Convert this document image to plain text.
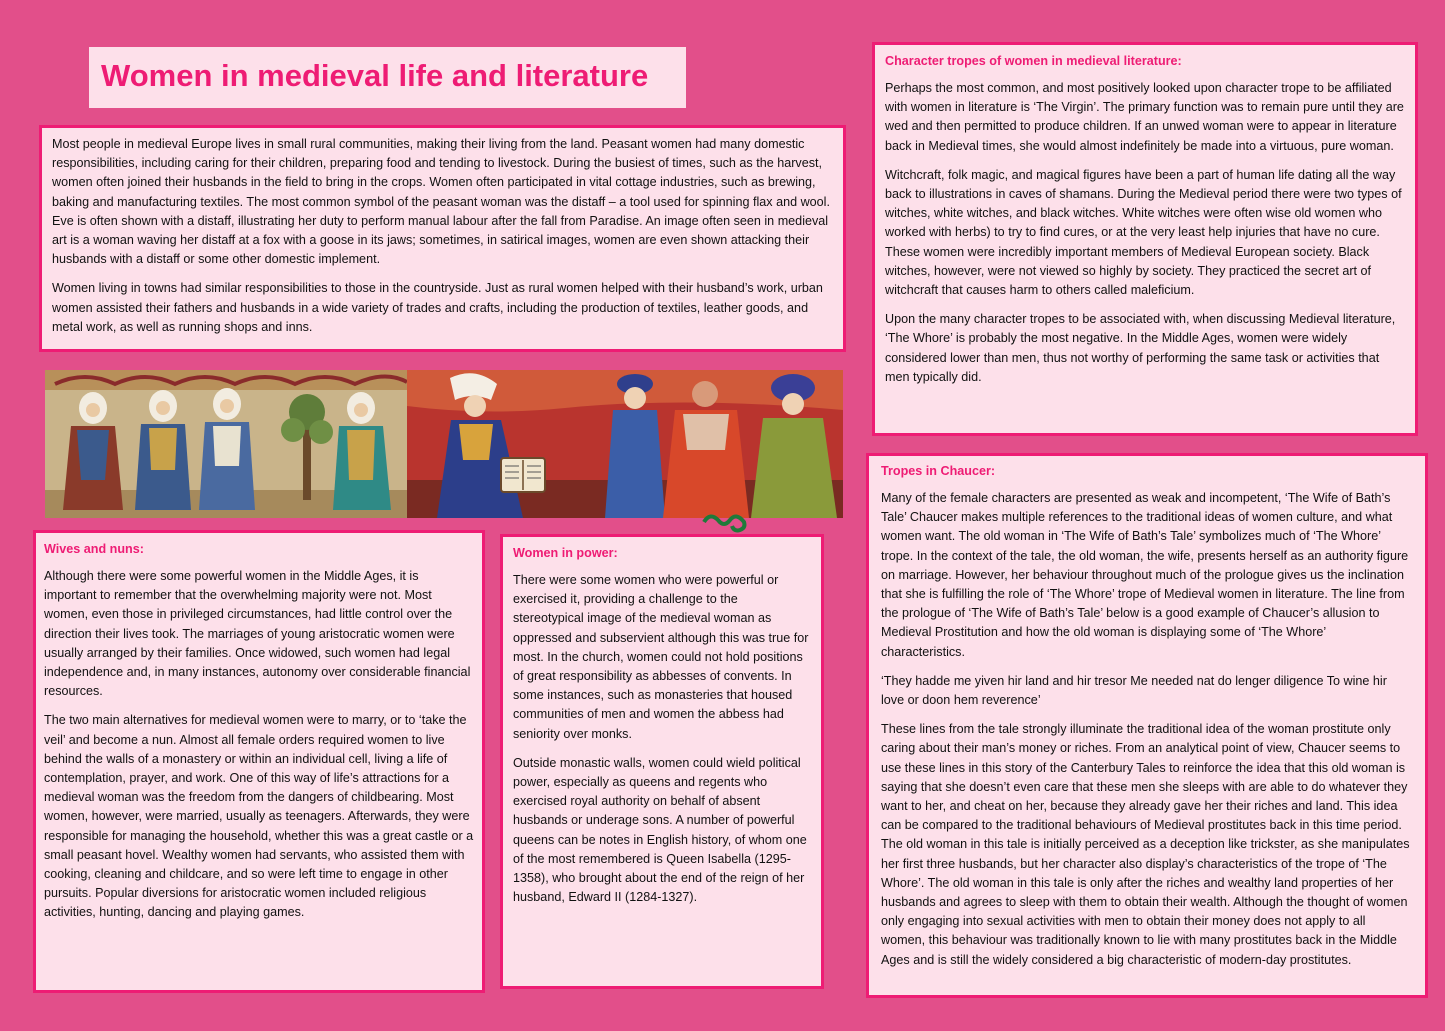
Women in medieval life and literature

Most people in medieval Europe lives in small rural communities, making their living from the land. Peasant women had many domestic responsibilities, including caring for their children, preparing food and tending to livestock. During the busiest of times, such as the harvest, women often joined their husbands in the field to bring in the crops. Women often participated in vital cottage industries, such as brewing, baking and manufacturing textiles. The most common symbol of the peasant woman was the distaff – a tool used for spinning flax and wool. Eve is often shown with a distaff, illustrating her duty to perform manual labour after the fall from Paradise. An image often seen in medieval art is a woman waving her distaff at a fox with a goose in its jaws; sometimes, in satirical images, women are even shown attacking their husbands with a distaff or some other domestic implement.

Women living in towns had similar responsibilities to those in the countryside. Just as rural women helped with their husband’s work, urban women assisted their fathers and husbands in a wide variety of trades and crafts, including the production of textiles, leather goods, and metal work, as well as running shops and inns.

Wives and nuns:

Although there were some powerful women in the Middle Ages, it is important to remember that the overwhelming majority were not. Most women, even those in privileged circumstances, had little control over the direction their lives took. The marriages of young aristocratic women were usually arranged by their families. Once widowed, such women had legal independence and, in many instances, autonomy over considerable financial resources.

The two main alternatives for medieval women were to marry, or to ‘take the veil’ and become a nun. Almost all female orders required women to live behind the walls of a monastery or within an individual cell, living a life of contemplation, prayer, and work. One of this way of life’s attractions for a medieval woman was the freedom from the dangers of childbearing. Most women, however, were married, usually as teenagers. Afterwards, they were responsible for managing the household, whether this was a great castle or a small peasant hovel. Wealthy women had servants, who assisted them with cooking, cleaning and childcare, and so were left time to engage in other pursuits. Popular diversions for aristocratic women included religious activities, hunting, dancing and playing games.

Women in power:

There were some women who were powerful or exercised it, providing a challenge to the stereotypical image of the medieval woman as oppressed and subservient although this was true for most. In the church, women could not hold positions of great responsibility as abbesses of convents. In some instances, such as monasteries that housed communities of men and women the abbess had seniority over monks.

Outside monastic walls, women could wield political power, especially as queens and regents who exercised royal authority on behalf of absent husbands or underage sons. A number of powerful queens can be notes in English history, of whom one of the most remembered is Queen Isabella (1295-1358), who brought about the end of the reign of her husband, Edward II (1284-1327).

Character tropes of women in medieval literature:

Perhaps the most common, and most positively looked upon character trope to be affiliated with women in literature is ‘The Virgin’. The primary function was to remain pure until they are wed and then permitted to produce children. If an unwed woman were to appear in literature back in Medieval times, she would almost indefinitely be made into a virtuous, pure woman.

Witchcraft, folk magic, and magical figures have been a part of human life dating all the way back to illustrations in caves of shamans. During the Medieval period there were two types of witches, white witches, and black witches. White witches were often wise old women who worked with herbs) to try to find cures, or at the very least help injuries that have no cure. These women were incredibly important members of Medieval European society. Black witches, however, were not viewed so highly by society. They practiced the secret art of witchcraft that causes harm to others called maleficium.

Upon the many character tropes to be associated with, when discussing Medieval literature, ‘The Whore’ is probably the most negative. In the Middle Ages, women were widely considered lower than men, thus not worthy of performing the same task or activities that men typically did.

Tropes in Chaucer:

Many of the female characters are presented as weak and incompetent, ‘The Wife of Bath’s Tale’ Chaucer makes multiple references to the traditional ideas of women culture, and what women want. The old woman in ‘The Wife of Bath’s Tale’ symbolizes much of ‘The Whore’ trope. In the context of the tale, the old woman, the wife, presents herself as an authority figure on marriage. However, her behaviour throughout much of the prologue gives us the inclination that she is fulfilling the role of ‘The Whore’ trope of Medieval women in literature. The line from the prologue of ‘The Wife of Bath’s Tale’ below is a good example of Chaucer’s allusion to Medieval Prostitution and how the old woman is displaying some of ‘The Whore’ characteristics.

‘They hadde me yiven hir land and hir tresor Me needed nat do lenger diligence To wine hir love or doon hem reverence’

These lines from the tale strongly illuminate the traditional idea of the woman prostitute only caring about their man’s money or riches. From an analytical point of view, Chaucer seems to use these lines in this story of the Canterbury Tales to reinforce the idea that this old woman is saying that she doesn’t even care that these men she sleeps with are able to do whatever they want to her, and cheat on her, because they already gave her their riches and land. This idea can be compared to the traditional behaviours of Medieval prostitutes back in this time period. The old woman in this tale is initially perceived as a deception like trickster, as she manipulates her first three husbands, but her character also display’s characteristics of the trope of ‘The Whore’. The old woman in this tale is only after the riches and wealthy land properties of her husbands and agrees to sleep with them to obtain their wealth. Although the thought of women only engaging into sexual activities with men to obtain their money does not apply to all women, this behaviour was traditionally known to lie with many prostitutes back in the Middle Ages and is still the widely considered a big characteristic of modern-day prostitutes.
